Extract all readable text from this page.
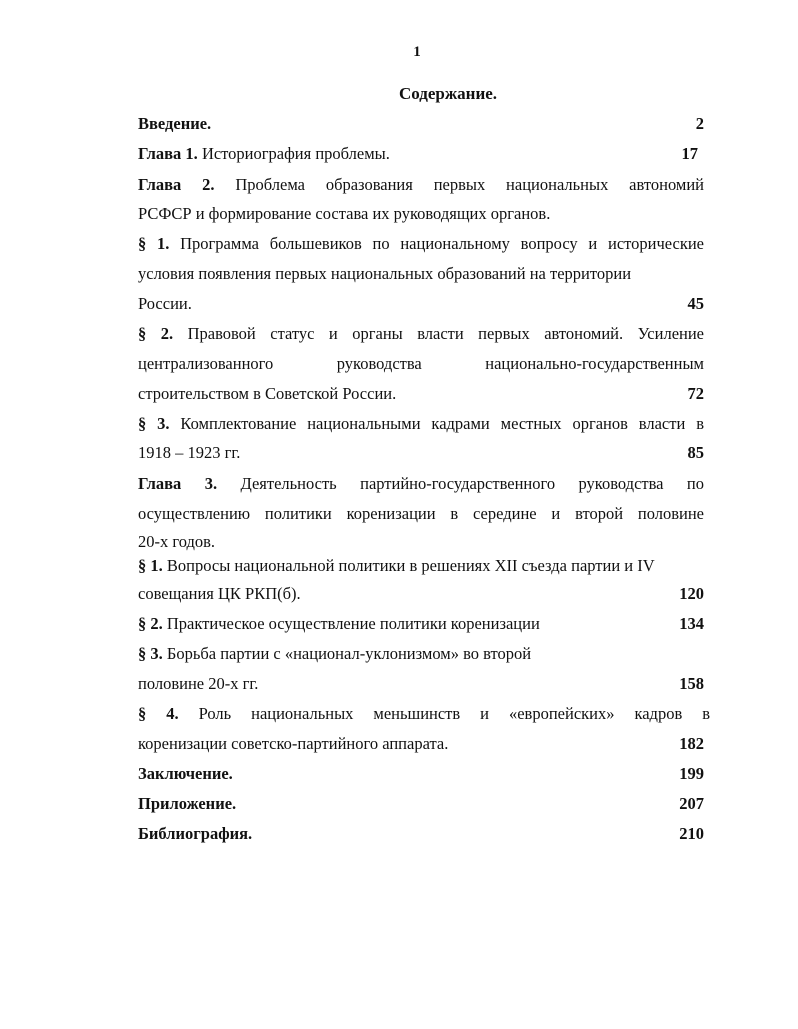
1
Содержание.
Введение.	2
Глава 1. Историография проблемы.	17
Глава 2. Проблема образования первых национальных автономий
РСФСР и формирование состава их руководящих органов.
§ 1. Программа большевиков по национальному вопросу и исторические
условия появления первых национальных образований на территории
России.	45
§ 2. Правовой статус и органы власти первых автономий. Усиление
централизованного руководства национально-государственным
строительством в Советской России.	72
§ 3. Комплектование национальными кадрами местных органов власти в
1918 – 1923 гг.	85
Глава 3. Деятельность партийно-государственного руководства по
осуществлению политики коренизации в середине и второй половине
20-х годов.
§ 1. Вопросы национальной политики в решениях XII съезда партии и IV
совещания ЦК РКП(б).	120
§ 2. Практическое осуществление политики коренизации	134
§ 3. Борьба партии с «национал-уклонизмом» во второй
половине 20-х гг.	158
§ 4. Роль национальных меньшинств и «европейских» кадров в
коренизации советско-партийного аппарата.	182
Заключение.	199
Приложение.	207
Библиография.	210
